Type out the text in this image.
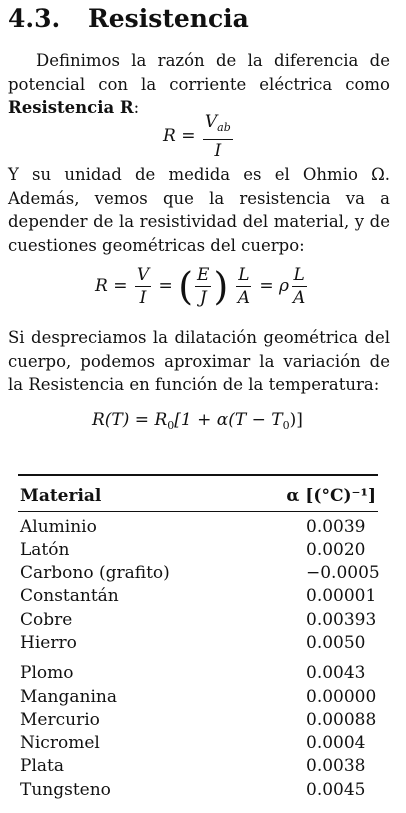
4.3. Resistencia

Definimos la razón de la diferencia de potencial con la corriente eléctrica como Resistencia R:

$R = \frac{V_{ab}}{I}$

Y su unidad de medida es el Ohmio Ω. Además, vemos que la resistencia va a depender de la resistividad del material, y de cuestiones geométricas del cuerpo:

$R = \frac{V}{I}$ = ( $\frac{E}{J}$ ) $\frac{L}{A} = \rho \frac{L}{A}$

Si despreciamos la dilatación geométrica del cuerpo, podemos aproximar la variación de la Resistencia en función de la temperatura:

$R(T) = R_0[1 + \alpha(T - T_0)]$
Material	α [(°C)⁻¹]
Aluminio	0.0039
Latón	0.0020
Carbono (grafito)	−0.0005
Constantán	0.00001
Cobre	0.00393
Hierro	0.0050
Plomo	0.0043
Manganina	0.00000
Mercurio	0.00088
Nicromel	0.0004
Plata	0.0038
Tungsteno	0.0045
